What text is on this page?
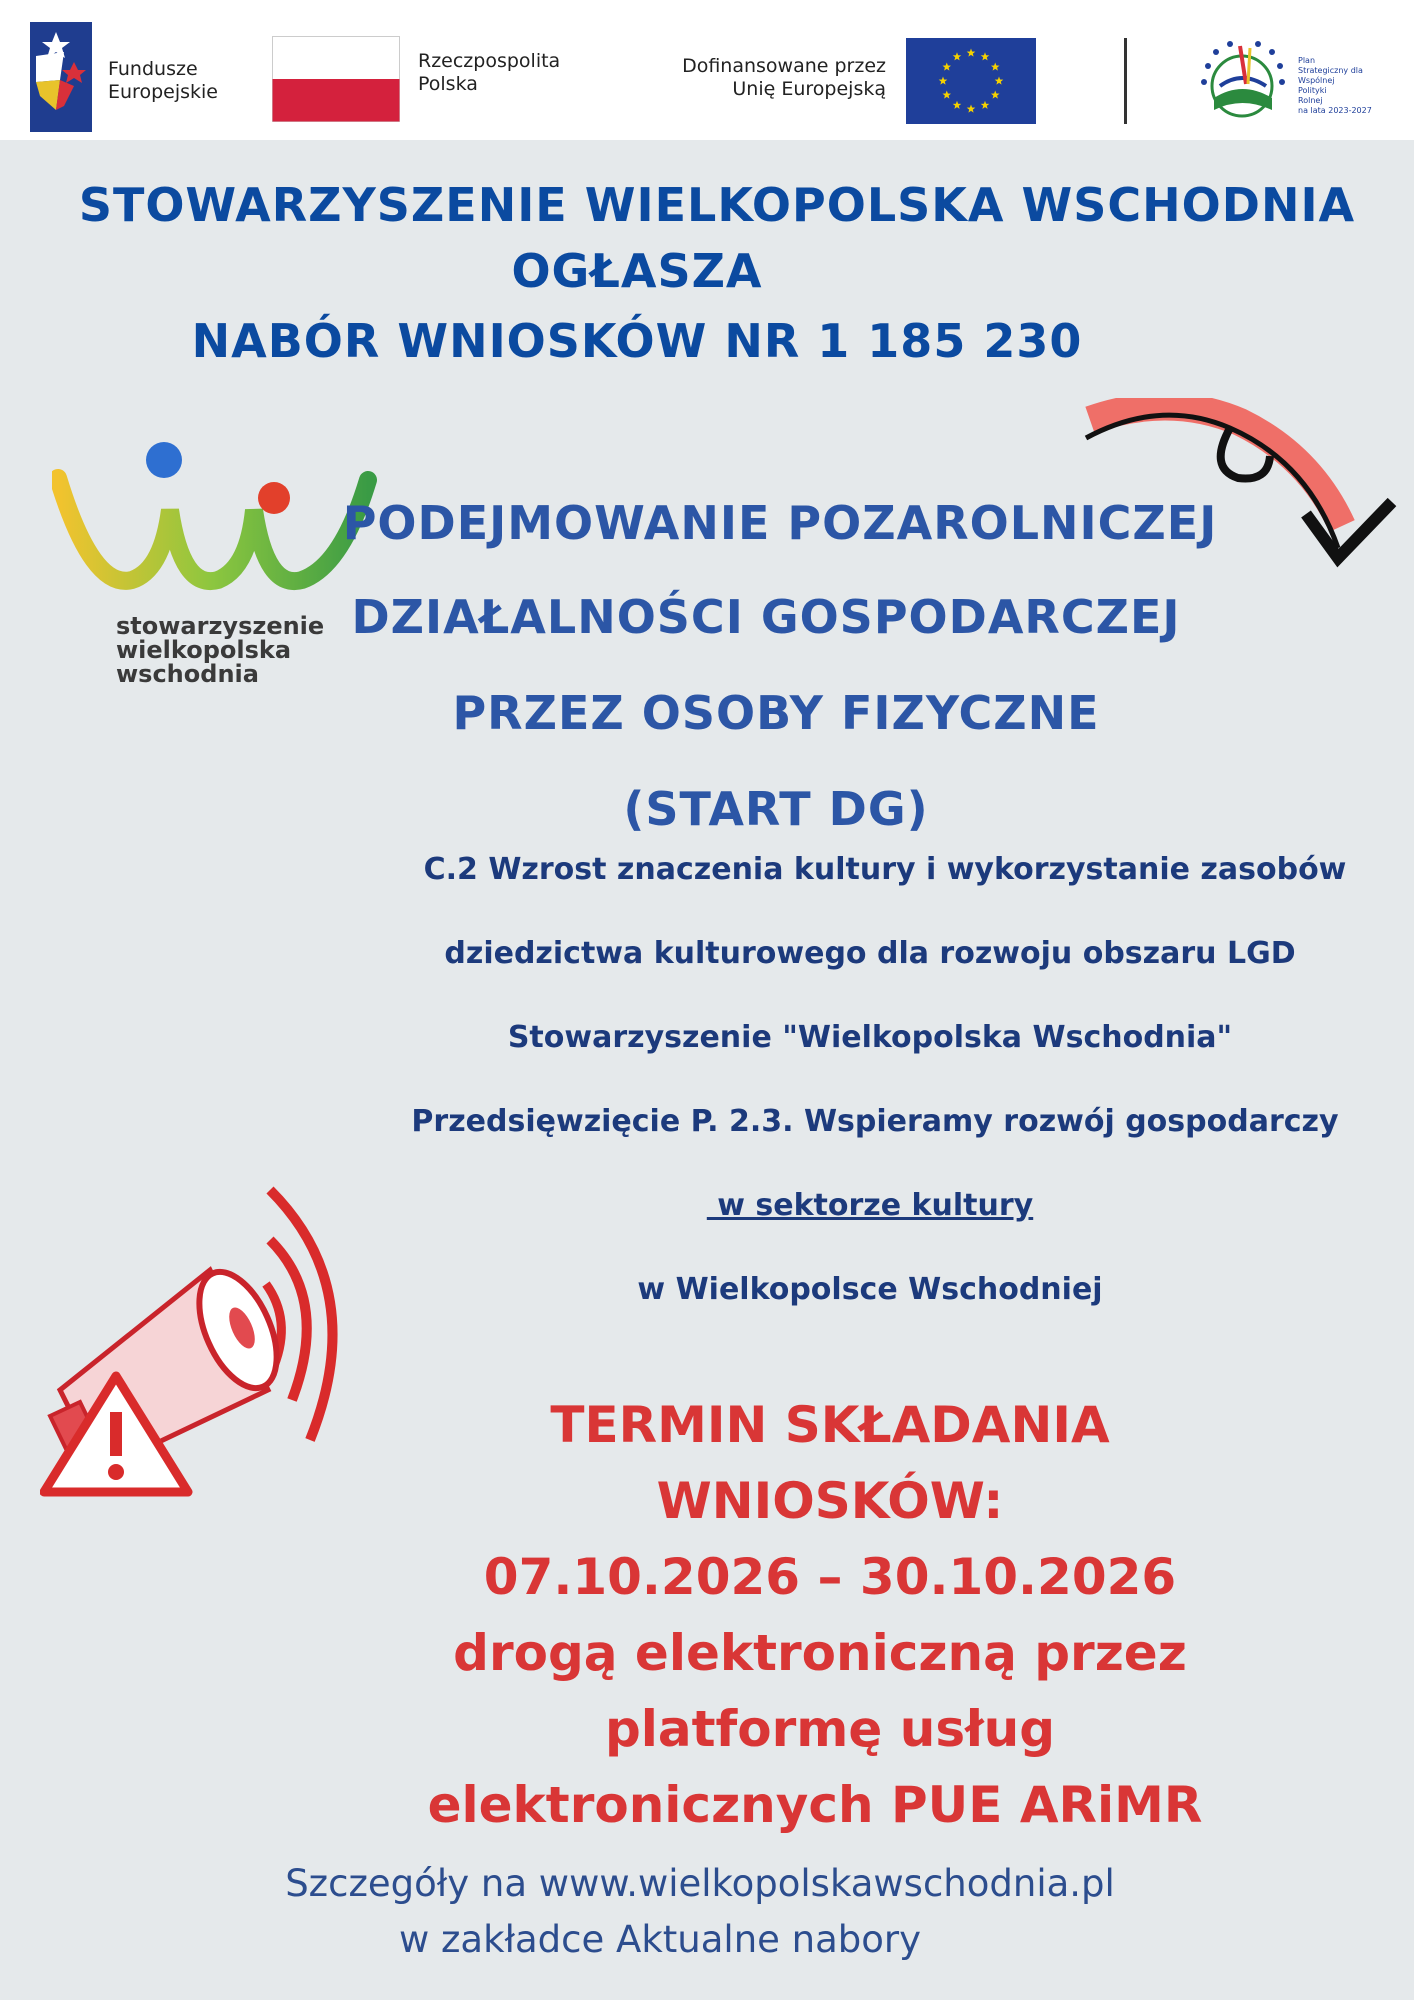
Fundusze
Europejskie
Rzeczpospolita
Polska
Dofinansowane przez
Unię Europejską
Plan
Strategiczny dla
Wspólnej
Polityki
Rolnej
na lata 2023-2027
STOWARZYSZENIE WIELKOPOLSKA WSCHODNIA
OGŁASZA
NABÓR WNIOSKÓW NR 1 185 230
stowarzyszenie
wielkopolska
wschodnia
PODEJMOWANIE POZAROLNICZEJ
DZIAŁALNOŚCI GOSPODARCZEJ
PRZEZ OSOBY FIZYCZNE
(START DG)
C.2 Wzrost znaczenia kultury i wykorzystanie zasobów
dziedzictwa kulturowego dla rozwoju obszaru LGD
Stowarzyszenie "Wielkopolska Wschodnia"
Przedsięwzięcie P. 2.3. Wspieramy rozwój gospodarczy
w sektorze kultury
w Wielkopolsce Wschodniej
TERMIN SKŁADANIA
WNIOSKÓW:
07.10.2026 – 30.10.2026
drogą elektroniczną przez
platformę usług
elektronicznych PUE ARiMR
Szczegóły na www.wielkopolskawschodnia.pl
w zakładce Aktualne nabory
